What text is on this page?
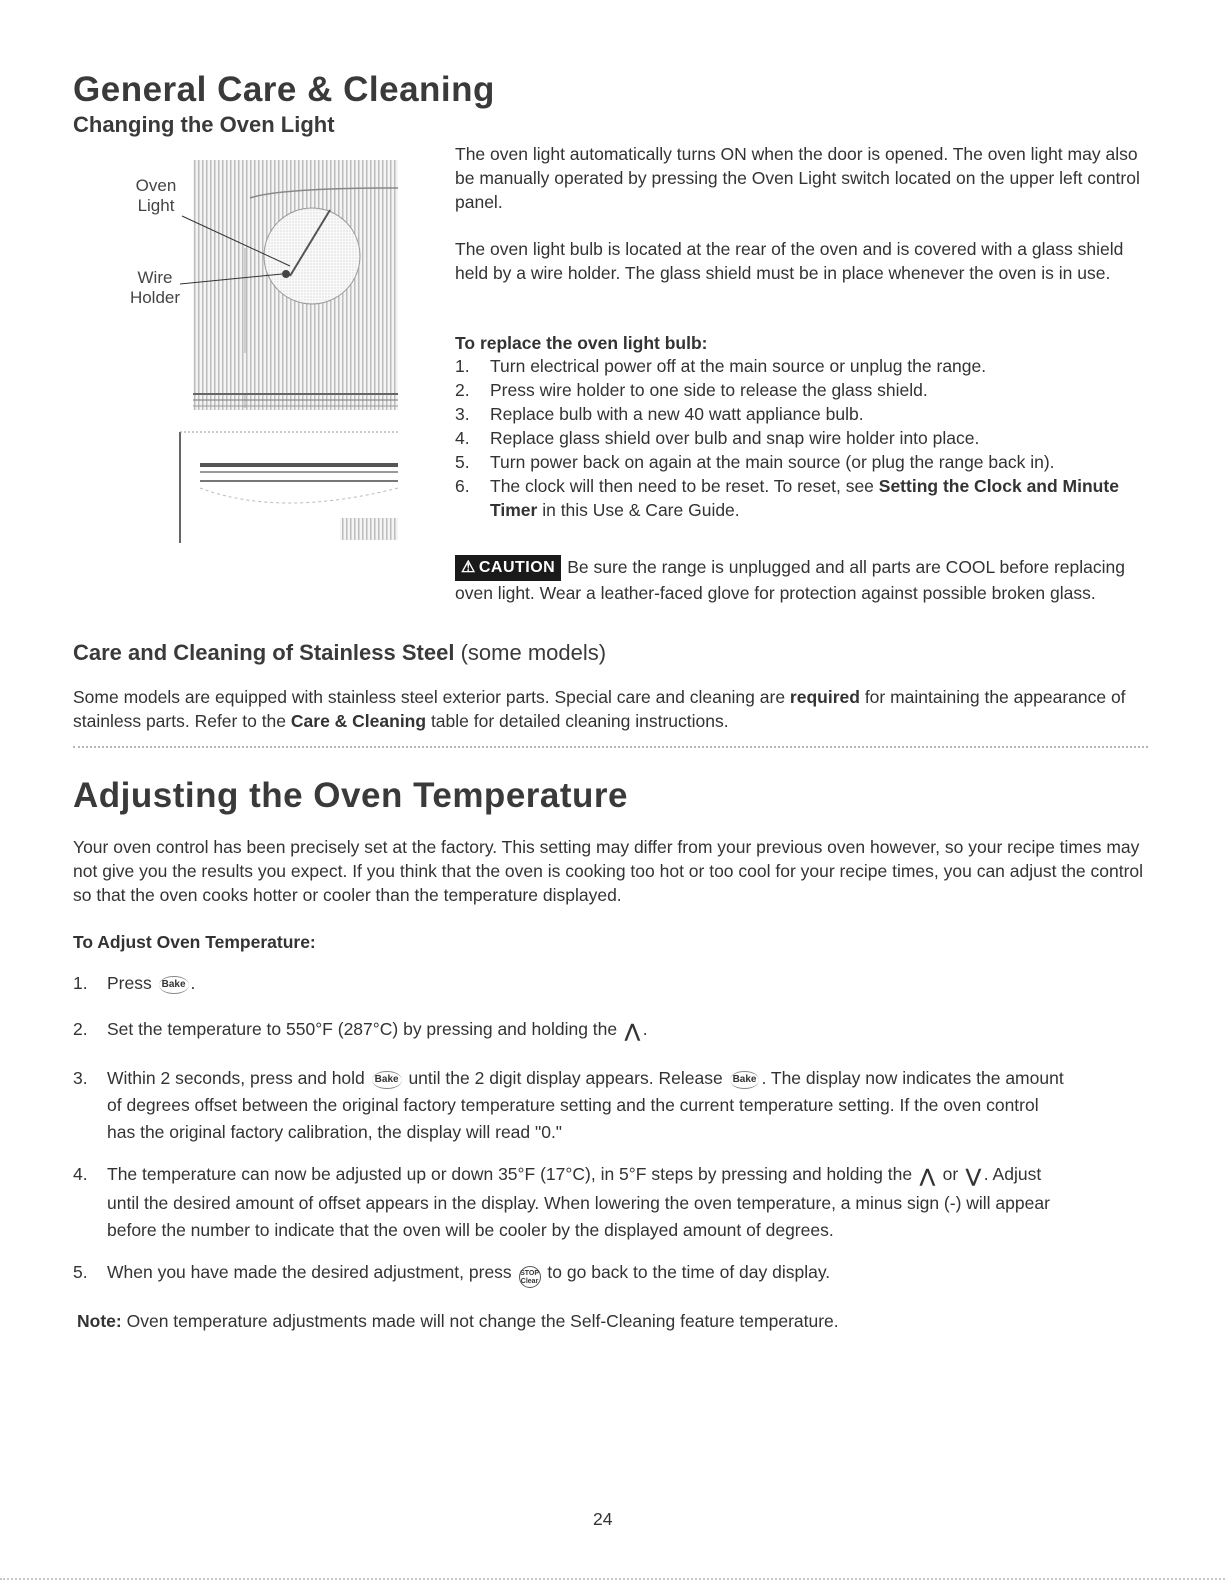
General Care & Cleaning
Changing the Oven Light
Oven
Light
Wire
Holder
The oven light automatically turns ON when the door is opened. The oven light may also be manually operated by pressing the Oven Light switch located on the upper left control panel.
The oven light bulb is located at the rear of the oven and is covered with a glass shield held by a wire holder. The glass shield must be in place whenever the oven is in use.
To replace the oven light bulb:
1. Turn electrical power off at the main source or unplug the range.
2. Press wire holder to one side to release the glass shield.
3. Replace bulb with a new 40 watt appliance bulb.
4. Replace glass shield over bulb and snap wire holder into place.
5. Turn power back on again at the main source (or plug the range back in).
6. The clock will then need to be reset. To reset, see Setting the Clock and Minute Timer in this Use & Care Guide.
⚠ CAUTION Be sure the range is unplugged and all parts are COOL before replacing oven light. Wear a leather-faced glove for protection against possible broken glass.
Care and Cleaning of Stainless Steel (some models)
Some models are equipped with stainless steel exterior parts. Special care and cleaning are required for maintaining the appearance of stainless parts. Refer to the Care & Cleaning table for detailed cleaning instructions.
Adjusting the Oven Temperature
Your oven control has been precisely set at the factory. This setting may differ from your previous oven however, so your recipe times may not give you the results you expect. If you think that the oven is cooking too hot or too cool for your recipe times, you can adjust the control so that the oven cooks hotter or cooler than the temperature displayed.
To Adjust Oven Temperature:
1. Press Bake .
2. Set the temperature to 550°F (287°C) by pressing and holding the ⋀ .
3. Within 2 seconds, press and hold Bake until the 2 digit display appears. Release Bake . The display now indicates the amount
of degrees offset between the original factory temperature setting and the current temperature setting. If the oven control
has the original factory calibration, the display will read "0."
4. The temperature can now be adjusted up or down 35°F (17°C), in 5°F steps by pressing and holding the ⋀ or ⋁ . Adjust
until the desired amount of offset appears in the display. When lowering the oven temperature, a minus sign (-) will appear
before the number to indicate that the oven will be cooler by the displayed amount of degrees.
5. When you have made the desired adjustment, press STOP
Clear to go back to the time of day display.
Note: Oven temperature adjustments made will not change the Self-Cleaning feature temperature.
24
